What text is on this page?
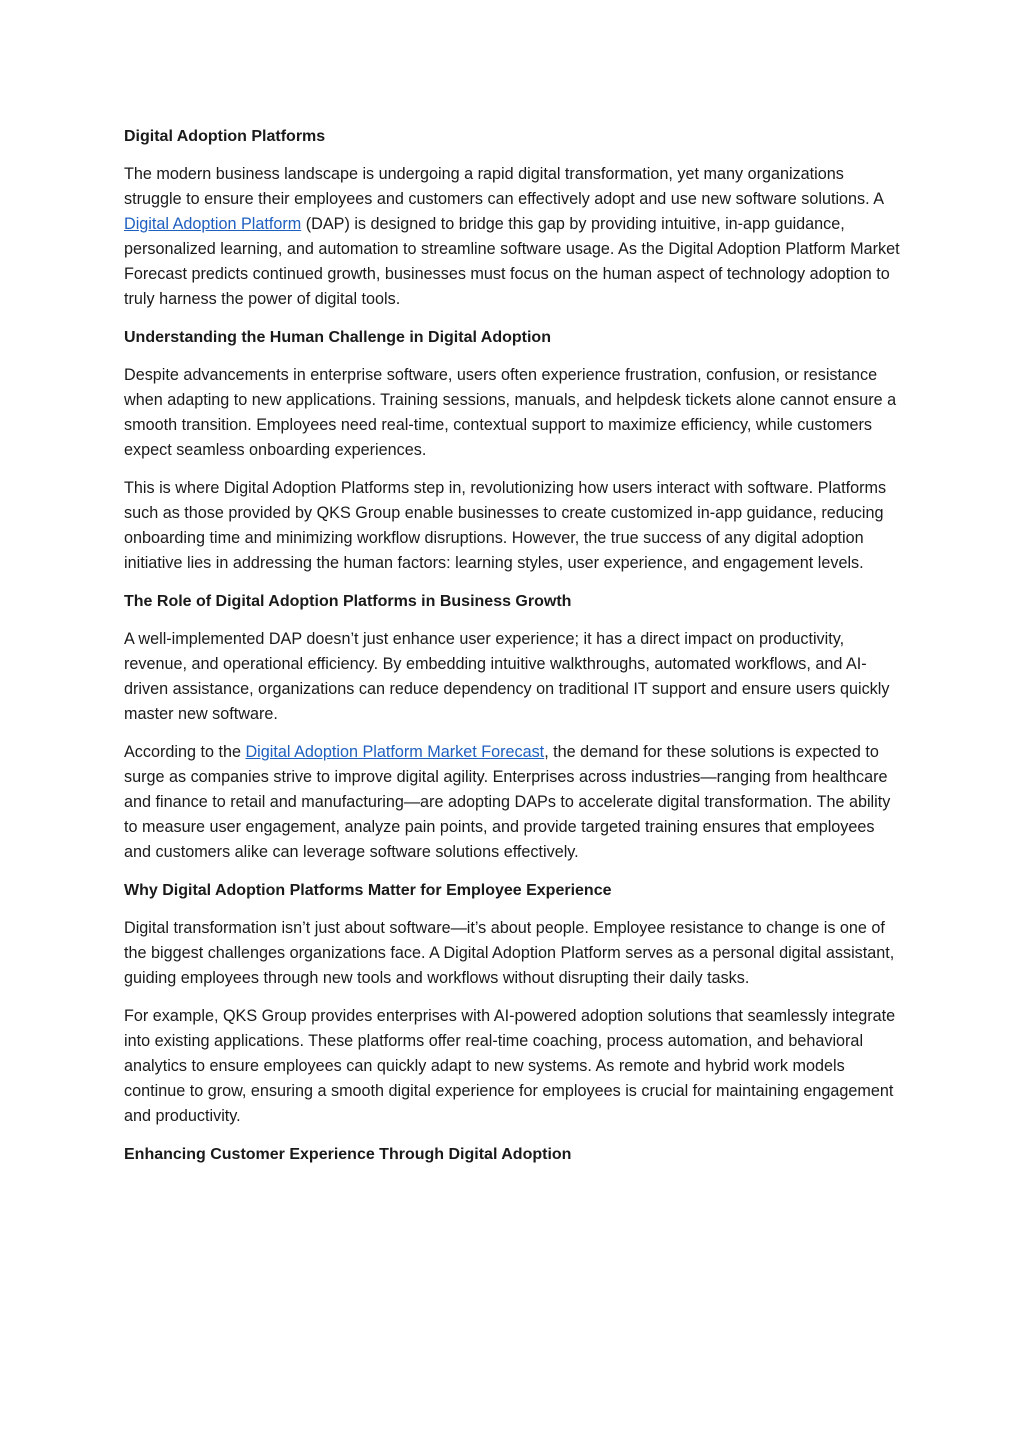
Digital Adoption Platforms

The modern business landscape is undergoing a rapid digital transformation, yet many organizations struggle to ensure their employees and customers can effectively adopt and use new software solutions. A Digital Adoption Platform (DAP) is designed to bridge this gap by providing intuitive, in-app guidance, personalized learning, and automation to streamline software usage. As the Digital Adoption Platform Market Forecast predicts continued growth, businesses must focus on the human aspect of technology adoption to truly harness the power of digital tools.

Understanding the Human Challenge in Digital Adoption

Despite advancements in enterprise software, users often experience frustration, confusion, or resistance when adapting to new applications. Training sessions, manuals, and helpdesk tickets alone cannot ensure a smooth transition. Employees need real-time, contextual support to maximize efficiency, while customers expect seamless onboarding experiences.

This is where Digital Adoption Platforms step in, revolutionizing how users interact with software. Platforms such as those provided by QKS Group enable businesses to create customized in-app guidance, reducing onboarding time and minimizing workflow disruptions. However, the true success of any digital adoption initiative lies in addressing the human factors: learning styles, user experience, and engagement levels.

The Role of Digital Adoption Platforms in Business Growth

A well-implemented DAP doesn’t just enhance user experience; it has a direct impact on productivity, revenue, and operational efficiency. By embedding intuitive walkthroughs, automated workflows, and AI-driven assistance, organizations can reduce dependency on traditional IT support and ensure users quickly master new software.

According to the Digital Adoption Platform Market Forecast, the demand for these solutions is expected to surge as companies strive to improve digital agility. Enterprises across industries—ranging from healthcare and finance to retail and manufacturing—are adopting DAPs to accelerate digital transformation. The ability to measure user engagement, analyze pain points, and provide targeted training ensures that employees and customers alike can leverage software solutions effectively.

Why Digital Adoption Platforms Matter for Employee Experience

Digital transformation isn’t just about software—it’s about people. Employee resistance to change is one of the biggest challenges organizations face. A Digital Adoption Platform serves as a personal digital assistant, guiding employees through new tools and workflows without disrupting their daily tasks.

For example, QKS Group provides enterprises with AI-powered adoption solutions that seamlessly integrate into existing applications. These platforms offer real-time coaching, process automation, and behavioral analytics to ensure employees can quickly adapt to new systems. As remote and hybrid work models continue to grow, ensuring a smooth digital experience for employees is crucial for maintaining engagement and productivity.

Enhancing Customer Experience Through Digital Adoption
